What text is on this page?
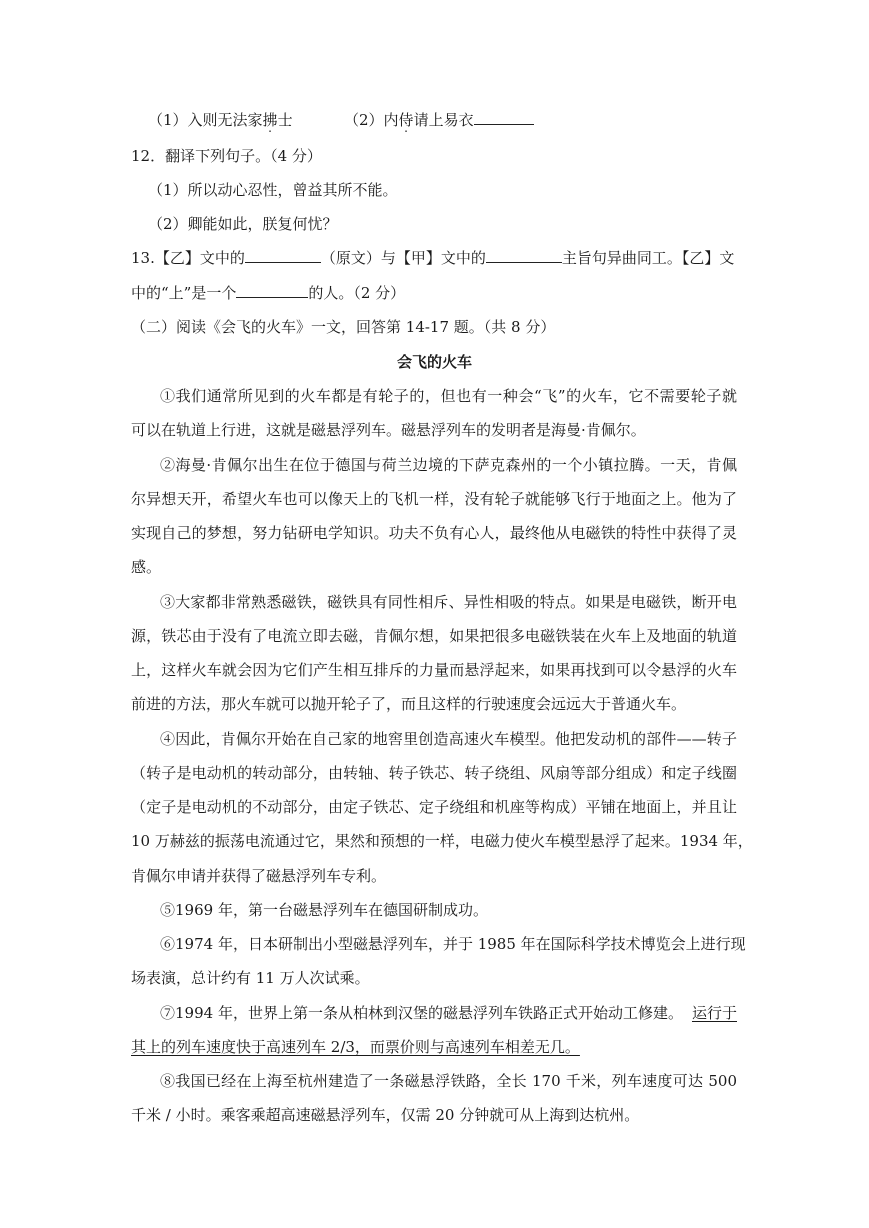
（1）入则无法家拂士	（2）内侍请上易衣
12．翻译下列句子。（4 分）
（1）所以动心忍性，曾益其所不能。
（2）卿能如此，朕复何忧？
13.【乙】文中的	（原文）与【甲】文中的	主旨句异曲同工。【乙】文
中的“上”是一个	的人。（2 分）
（二）阅读《会飞的火车》一文，回答第 14-17 题。（共 8 分）
会飞的火车
①我们通常所见到的火车都是有轮子的，但也有一种会“飞”的火车，它不需要轮子就
可以在轨道上行进，这就是磁悬浮列车。磁悬浮列车的发明者是海曼·肯佩尔。
②海曼·肯佩尔出生在位于德国与荷兰边境的下萨克森州的一个小镇拉腾。一天，肯佩
尔异想天开，希望火车也可以像天上的飞机一样，没有轮子就能够飞行于地面之上。他为了
实现自己的梦想，努力钻研电学知识。功夫不负有心人，最终他从电磁铁的特性中获得了灵
感。
③大家都非常熟悉磁铁，磁铁具有同性相斥、异性相吸的特点。如果是电磁铁，断开电
源，铁芯由于没有了电流立即去磁，肯佩尔想，如果把很多电磁铁装在火车上及地面的轨道
上，这样火车就会因为它们产生相互排斥的力量而悬浮起来，如果再找到可以令悬浮的火车
前进的方法，那火车就可以抛开轮子了，而且这样的行驶速度会远远大于普通火车。
④因此，肯佩尔开始在自己家的地窖里创造高速火车模型。他把发动机的部件——转子
（转子是电动机的转动部分，由转轴、转子铁芯、转子绕组、风扇等部分组成）和定子线圈
（定子是电动机的不动部分，由定子铁芯、定子绕组和机座等构成）平铺在地面上，并且让
10 万赫兹的振荡电流通过它，果然和预想的一样，电磁力使火车模型悬浮了起来。1934 年，
肯佩尔申请并获得了磁悬浮列车专利。
⑤1969 年，第一台磁悬浮列车在德国研制成功。
⑥1974 年，日本研制出小型磁悬浮列车，并于 1985 年在国际科学技术博览会上进行现
场表演，总计约有 11 万人次试乘。
⑦1994 年，世界上第一条从柏林到汉堡的磁悬浮列车铁路正式开始动工修建。 运行于
其上的列车速度快于高速列车 2/3，而票价则与高速列车相差无几。
⑧我国已经在上海至杭州建造了一条磁悬浮铁路，全长 170 千米，列车速度可达 500
千米 / 小时。乘客乘超高速磁悬浮列车，仅需 20 分钟就可从上海到达杭州。
